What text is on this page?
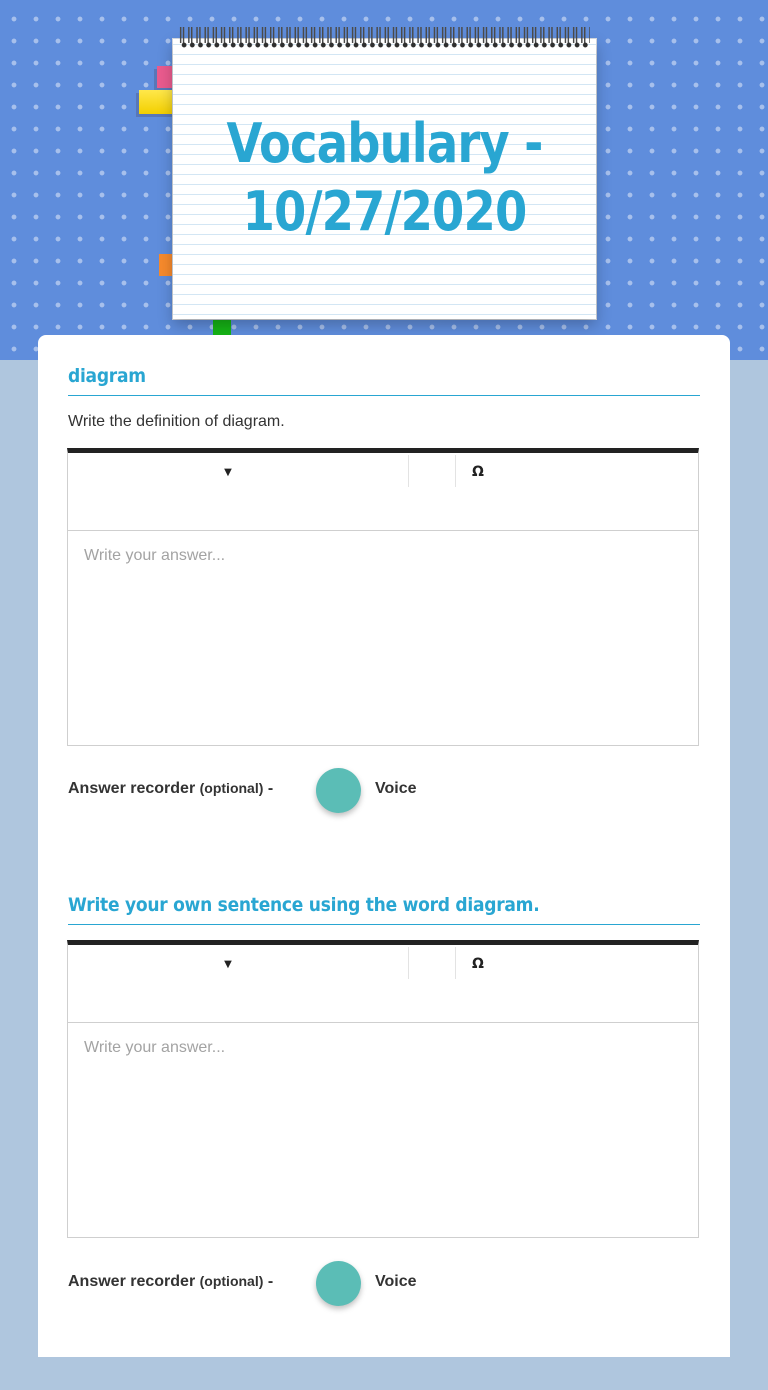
Vocabulary -
10/27/2020
diagram
Write the definition of diagram.
▼	Ω
Write your answer...
Answer recorder (optional) -	Voice
Write your own sentence using the word diagram.
▼	Ω
Write your answer...
Answer recorder (optional) -	Voice
